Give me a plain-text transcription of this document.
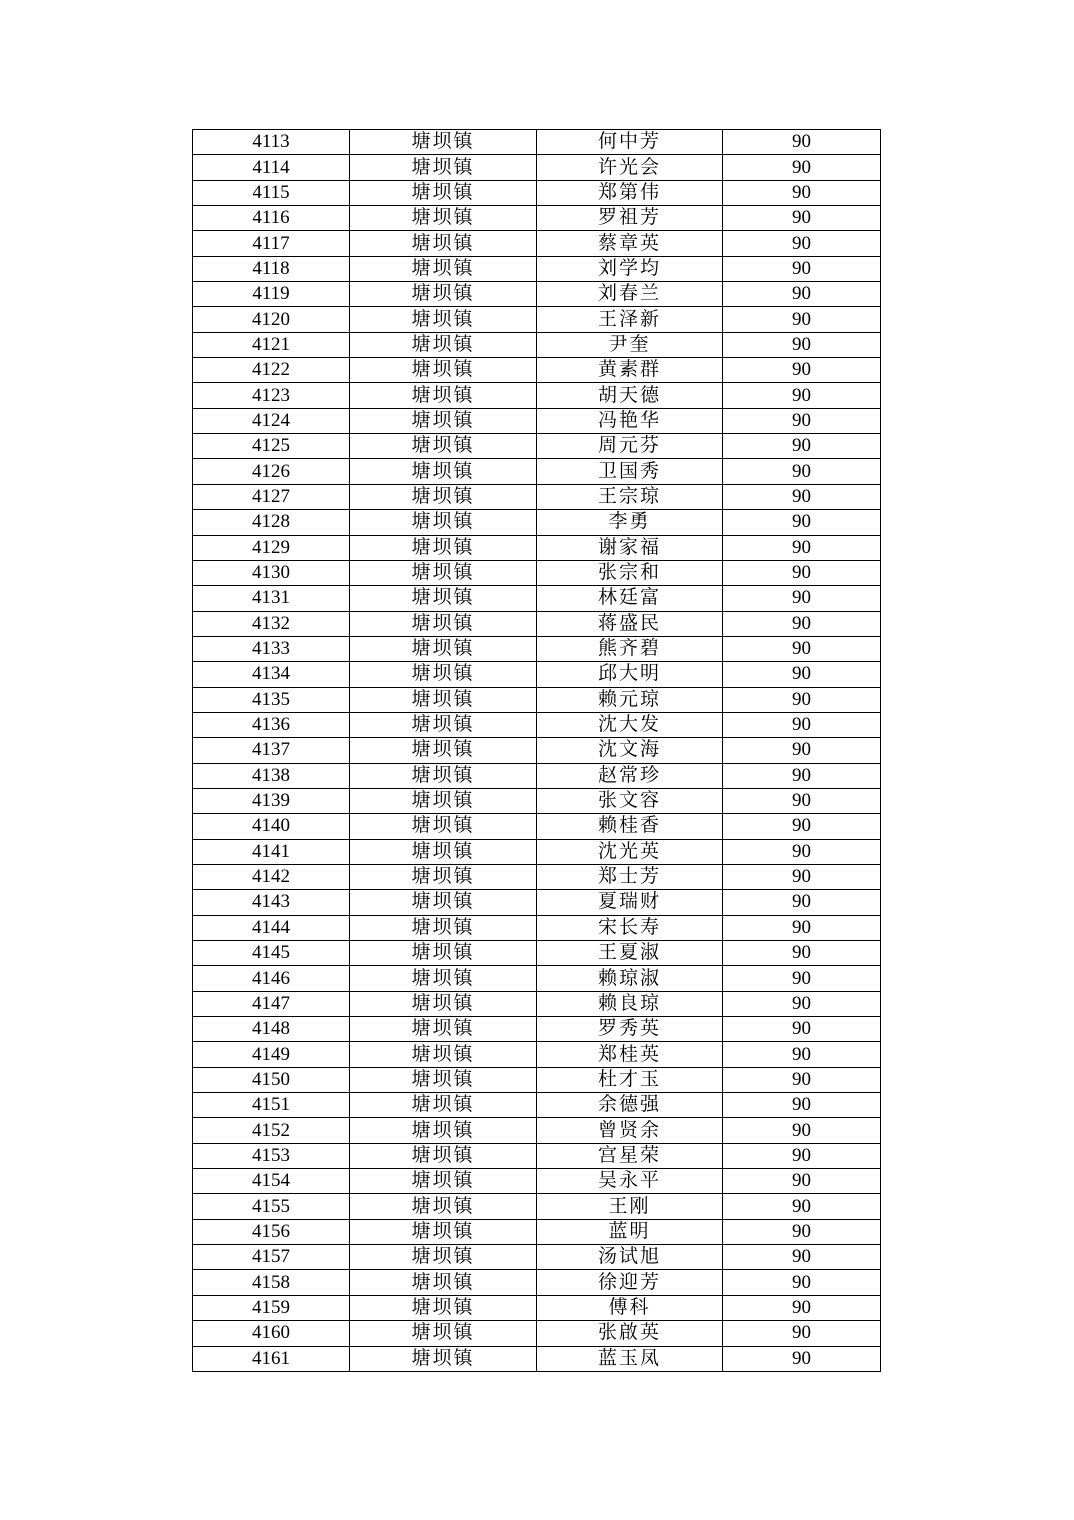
4113	塘坝镇	何中芳	90
4114	塘坝镇	许光会	90
4115	塘坝镇	郑第伟	90
4116	塘坝镇	罗祖芳	90
4117	塘坝镇	蔡章英	90
4118	塘坝镇	刘学均	90
4119	塘坝镇	刘春兰	90
4120	塘坝镇	王泽新	90
4121	塘坝镇	尹奎	90
4122	塘坝镇	黄素群	90
4123	塘坝镇	胡天德	90
4124	塘坝镇	冯艳华	90
4125	塘坝镇	周元芬	90
4126	塘坝镇	卫国秀	90
4127	塘坝镇	王宗琼	90
4128	塘坝镇	李勇	90
4129	塘坝镇	谢家福	90
4130	塘坝镇	张宗和	90
4131	塘坝镇	林廷富	90
4132	塘坝镇	蒋盛民	90
4133	塘坝镇	熊齐碧	90
4134	塘坝镇	邱大明	90
4135	塘坝镇	赖元琼	90
4136	塘坝镇	沈大发	90
4137	塘坝镇	沈文海	90
4138	塘坝镇	赵常珍	90
4139	塘坝镇	张文容	90
4140	塘坝镇	赖桂香	90
4141	塘坝镇	沈光英	90
4142	塘坝镇	郑士芳	90
4143	塘坝镇	夏瑞财	90
4144	塘坝镇	宋长寿	90
4145	塘坝镇	王夏淑	90
4146	塘坝镇	赖琼淑	90
4147	塘坝镇	赖良琼	90
4148	塘坝镇	罗秀英	90
4149	塘坝镇	郑桂英	90
4150	塘坝镇	杜才玉	90
4151	塘坝镇	余德强	90
4152	塘坝镇	曾贤余	90
4153	塘坝镇	宫星荣	90
4154	塘坝镇	吴永平	90
4155	塘坝镇	王刚	90
4156	塘坝镇	蓝明	90
4157	塘坝镇	汤试旭	90
4158	塘坝镇	徐迎芳	90
4159	塘坝镇	傅科	90
4160	塘坝镇	张啟英	90
4161	塘坝镇	蓝玉凤	90
